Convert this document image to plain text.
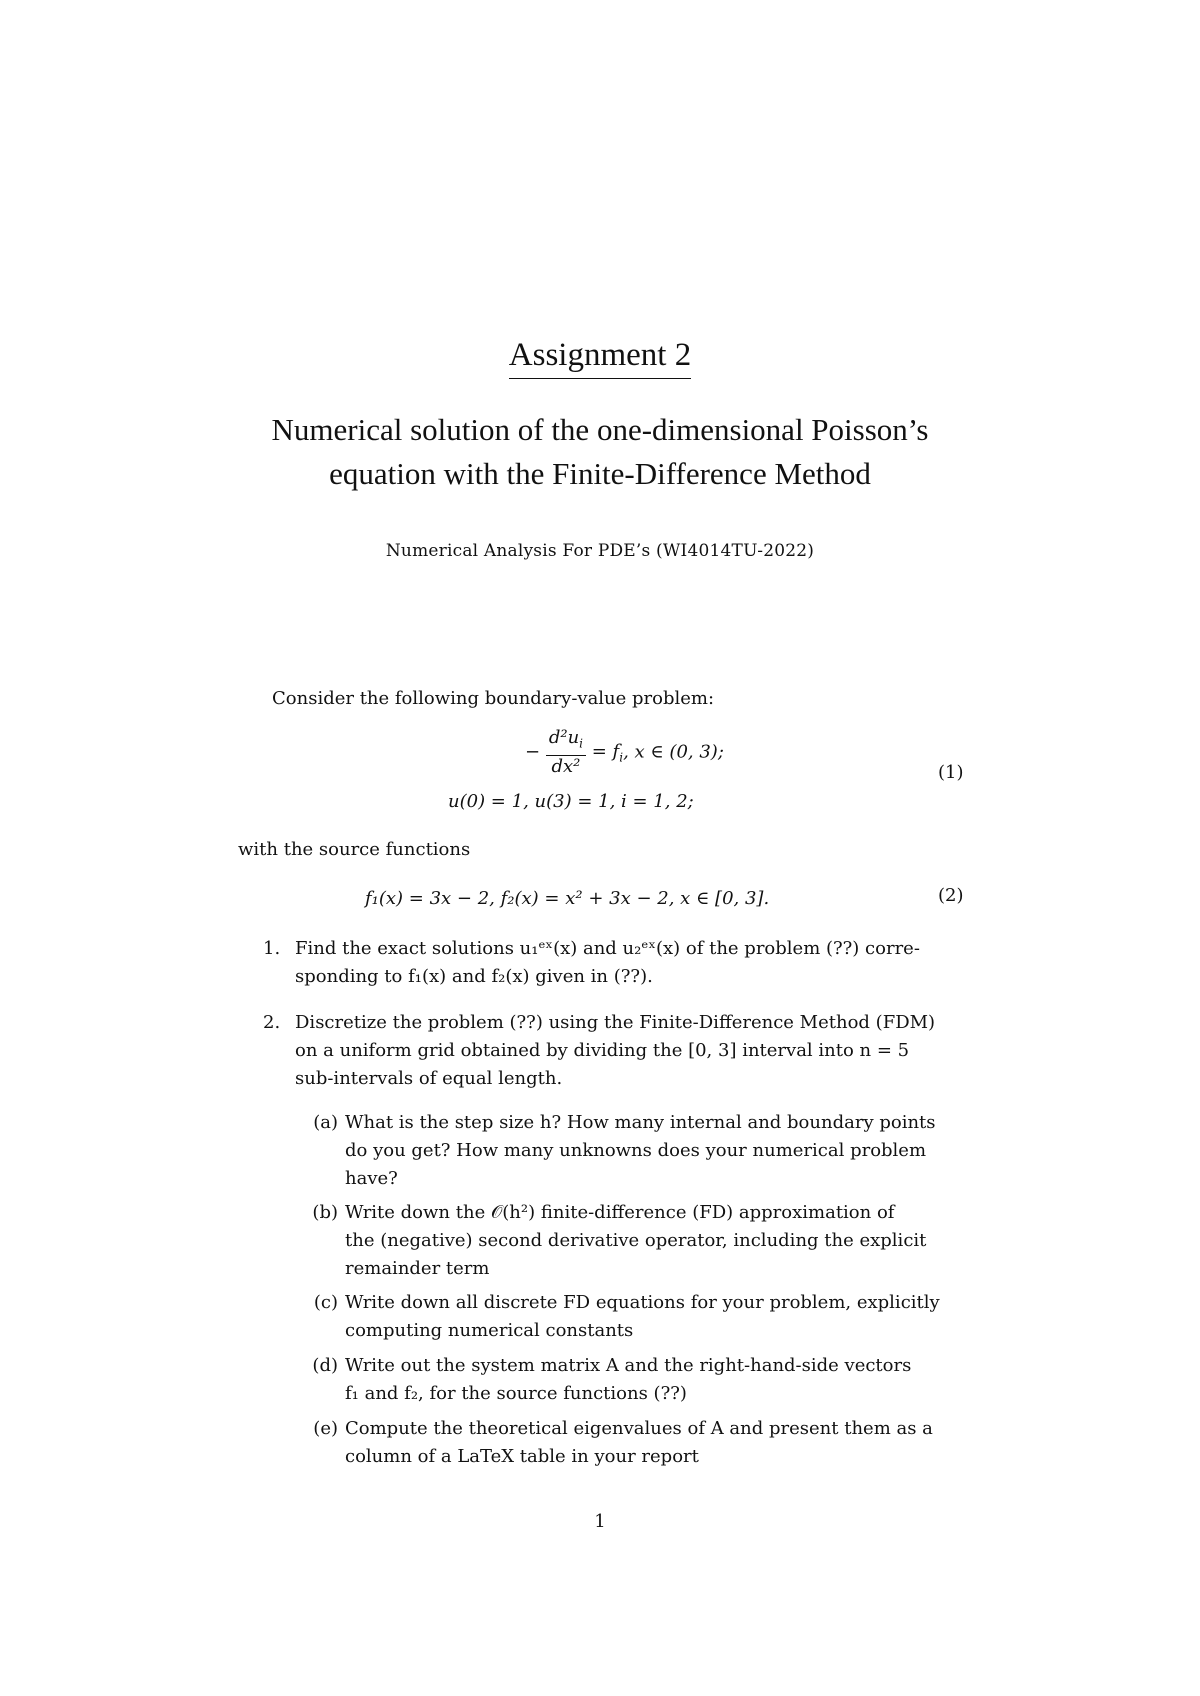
Assignment 2
Numerical solution of the one-dimensional Poisson’s
equation with the Finite-Difference Method
Numerical Analysis For PDE’s (WI4014TU-2022)
Consider the following boundary-value problem:
− $\frac{d^2u_i}{\text{dx²}} = f_i$, x ∈ (0, 3);
u(0) = 1, u(3) = 1, i = 1, 2;
(1)
with the source functions
f₁(x) = 3x − 2, f₂(x) = x² + 3x − 2, x ∈ [0, 3].	(2)
1. Find the exact solutions u₁ᵉˣ(x) and u₂ᵉˣ(x) of the problem (??) corre-
sponding to f₁(x) and f₂(x) given in (??).
2. Discretize the problem (??) using the Finite-Difference Method (FDM)
on a uniform grid obtained by dividing the [0, 3] interval into n = 5
sub-intervals of equal length.
(a) What is the step size h? How many internal and boundary points
do you get? How many unknowns does your numerical problem
have?
(b) Write down the 𝒪(h²) finite-difference (FD) approximation of
the (negative) second derivative operator, including the explicit
remainder term
(c) Write down all discrete FD equations for your problem, explicitly
computing numerical constants
(d) Write out the system matrix A and the right-hand-side vectors
f₁ and f₂, for the source functions (??)
(e) Compute the theoretical eigenvalues of A and present them as a
column of a LaTeX table in your report
1
